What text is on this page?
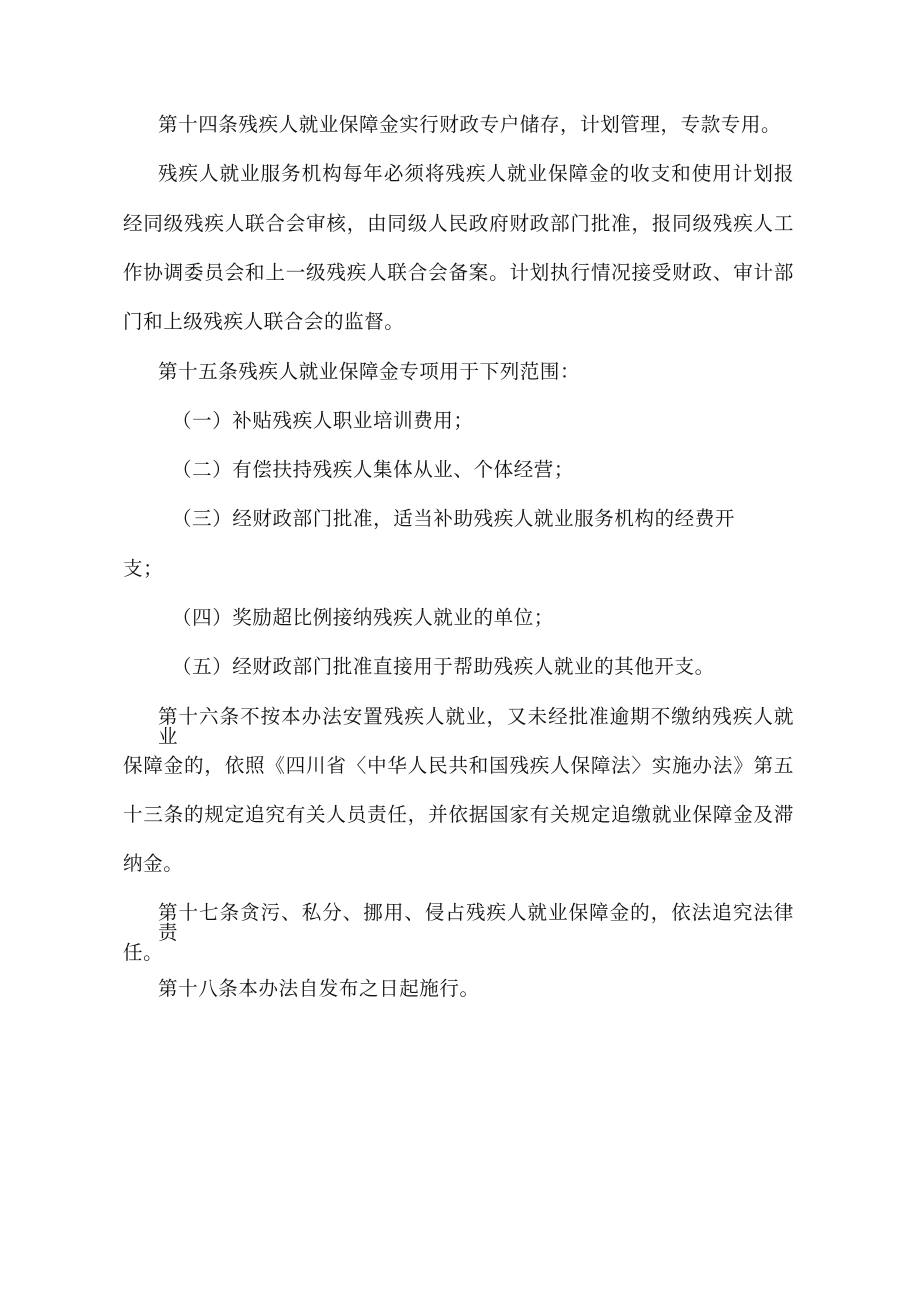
第十四条残疾人就业保障金实行财政专户储存，计划管理，专款专用。
残疾人就业服务机构每年必须将残疾人就业保障金的收支和使用计划报
经同级残疾人联合会审核，由同级人民政府财政部门批准，报同级残疾人工
作协调委员会和上一级残疾人联合会备案。计划执行情况接受财政、审计部
门和上级残疾人联合会的监督。
第十五条残疾人就业保障金专项用于下列范围：
（一）补贴残疾人职业培训费用；
（二）有偿扶持残疾人集体从业、个体经营；
（三）经财政部门批准，适当补助残疾人就业服务机构的经费开
支；
（四）奖励超比例接纳残疾人就业的单位；
（五）经财政部门批准直接用于帮助残疾人就业的其他开支。
第十六条不按本办法安置残疾人就业，又未经批准逾期不缴纳残疾人就业
保障金的，依照《四川省〈中华人民共和国残疾人保障法〉实施办法》第五
十三条的规定追究有关人员责任，并依据国家有关规定追缴就业保障金及滞
纳金。
第十七条贪污、私分、挪用、侵占残疾人就业保障金的，依法追究法律责
任。
第十八条本办法自发布之日起施行。
